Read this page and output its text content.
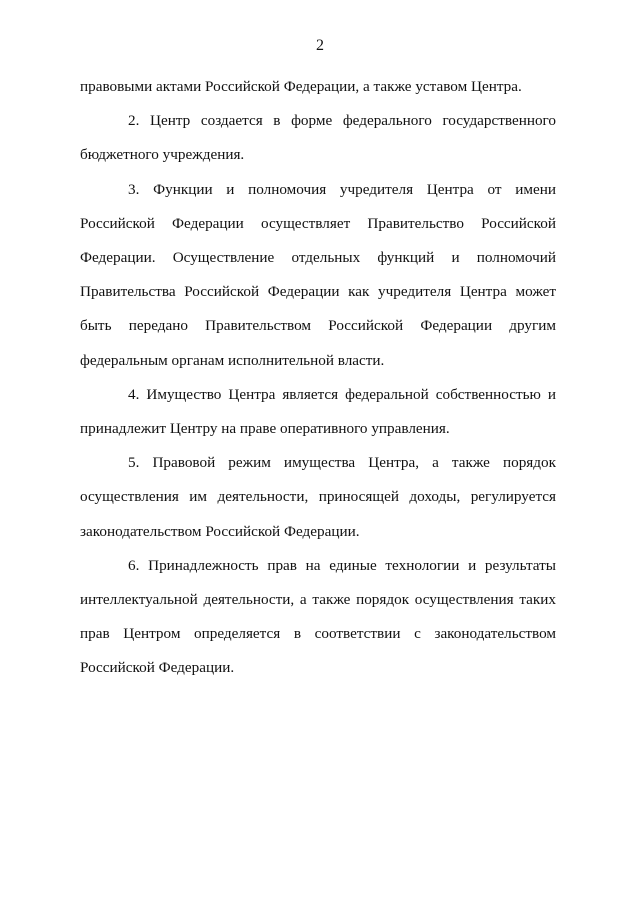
2

правовыми актами Российской Федерации, а также уставом Центра.

2. Центр создается в форме федерального государственного бюджетного учреждения.

3. Функции и полномочия учредителя Центра от имени Российской Федерации осуществляет Правительство Российской Федерации. Осуществление отдельных функций и полномочий Правительства Российской Федерации как учредителя Центра может быть передано Правительством Российской Федерации другим федеральным органам исполнительной власти.

4. Имущество Центра является федеральной собственностью и принадлежит Центру на праве оперативного управления.

5. Правовой режим имущества Центра, а также порядок осуществления им деятельности, приносящей доходы, регулируется законодательством Российской Федерации.

6. Принадлежность прав на единые технологии и результаты интеллектуальной деятельности, а также порядок осуществления таких прав Центром определяется в соответствии с законодательством Российской Федерации.
